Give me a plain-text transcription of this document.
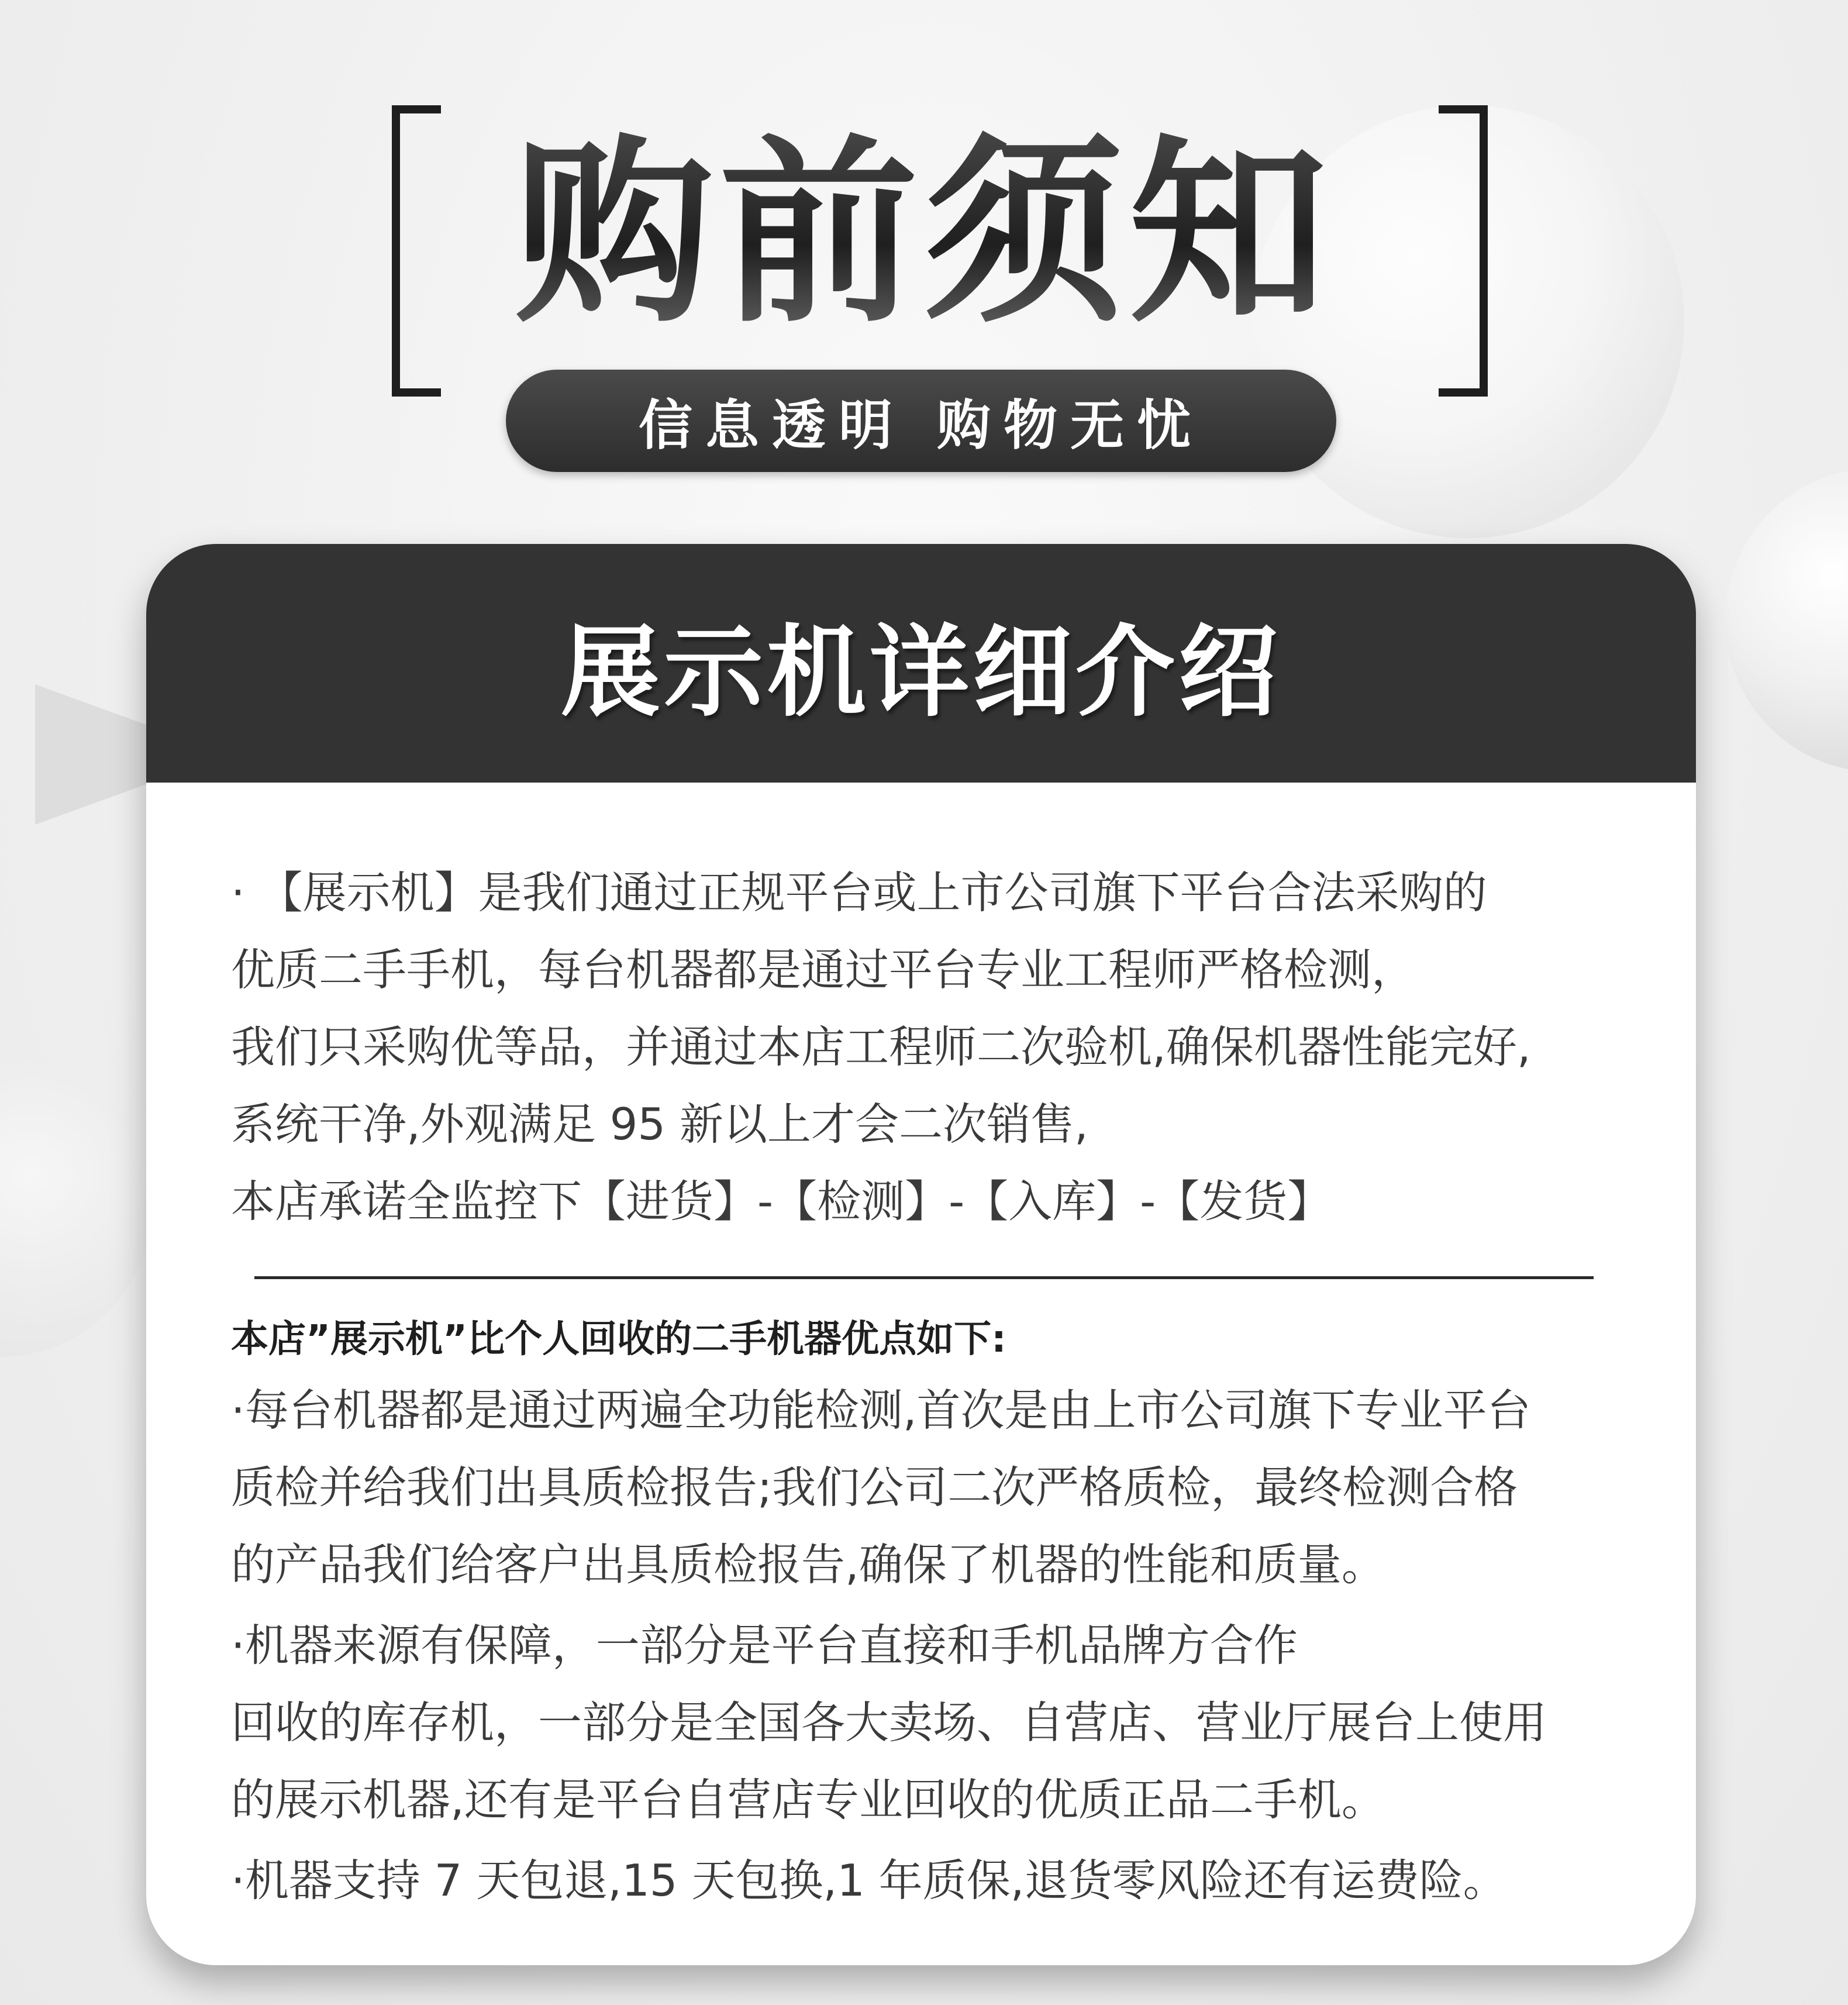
购前须知
信息透明 购物无忧
展示机详细介绍
· 【展示机】是我们通过正规平台或上市公司旗下平台合法采购的
优质二手手机，每台机器都是通过平台专业工程师严格检测，
我们只采购优等品，并通过本店工程师二次验机,确保机器性能完好,
系统干净,外观满足 95 新以上才会二次销售,
本店承诺全监控下【进货】-【检测】-【入库】-【发货】
本店”展示机”比个人回收的二手机器优点如下:
·每台机器都是通过两遍全功能检测,首次是由上市公司旗下专业平台
质检并给我们出具质检报告;我们公司二次严格质检，最终检测合格
的产品我们给客户出具质检报告,确保了机器的性能和质量。
·机器来源有保障，一部分是平台直接和手机品牌方合作
回收的库存机，一部分是全国各大卖场、自营店、营业厅展台上使用
的展示机器,还有是平台自营店专业回收的优质正品二手机。
·机器支持 7 天包退,15 天包换,1 年质保,退货零风险还有运费险。
